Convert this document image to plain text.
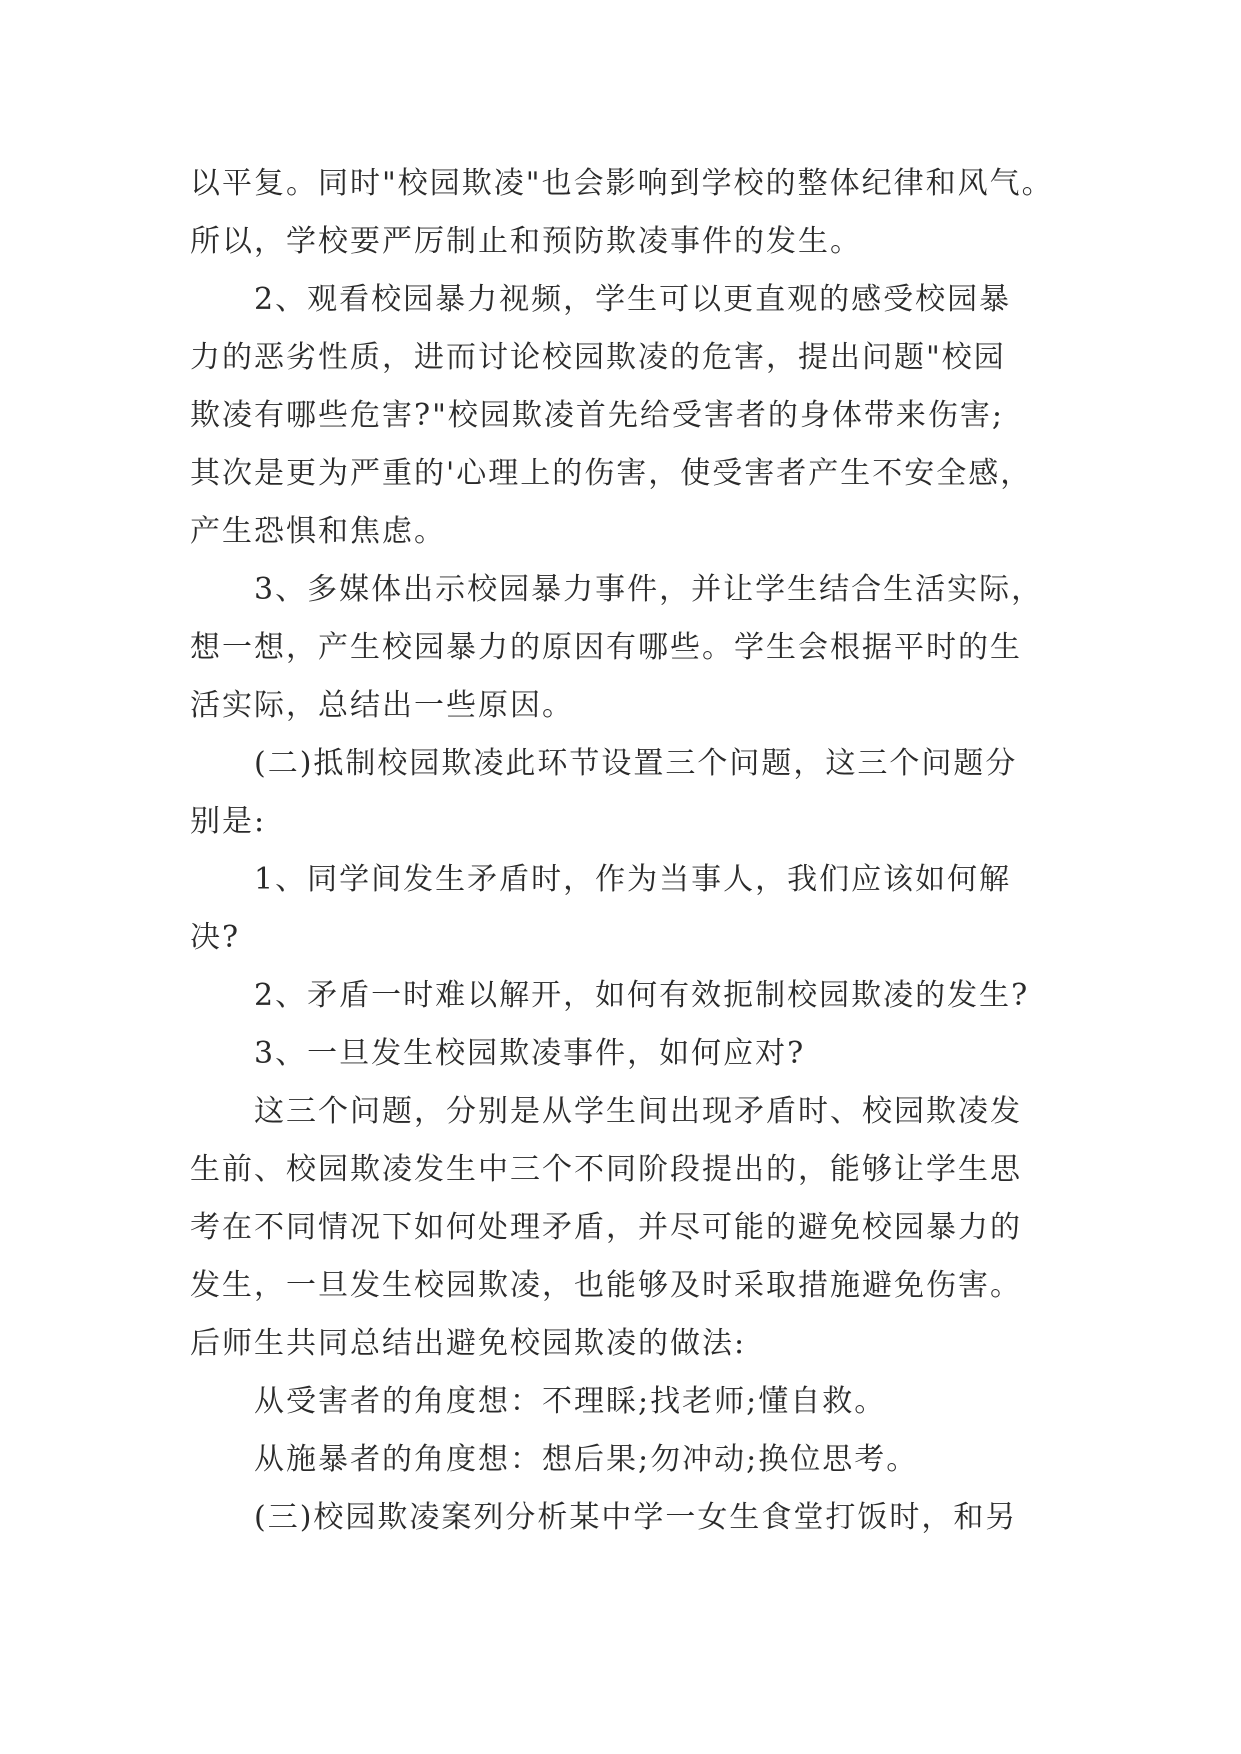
以平复。同时"校园欺凌"也会影响到学校的整体纪律和风气。
所以，学校要严厉制止和预防欺凌事件的发生。
2、观看校园暴力视频，学生可以更直观的感受校园暴
力的恶劣性质，进而讨论校园欺凌的危害，提出问题"校园
欺凌有哪些危害?"校园欺凌首先给受害者的身体带来伤害;
其次是更为严重的'心理上的伤害，使受害者产生不安全感，
产生恐惧和焦虑。
3、多媒体出示校园暴力事件，并让学生结合生活实际，
想一想，产生校园暴力的原因有哪些。学生会根据平时的生
活实际，总结出一些原因。
(二)抵制校园欺凌此环节设置三个问题，这三个问题分
别是:
1、同学间发生矛盾时，作为当事人，我们应该如何解
决?
2、矛盾一时难以解开，如何有效扼制校园欺凌的发生?
3、一旦发生校园欺凌事件，如何应对?
这三个问题，分别是从学生间出现矛盾时、校园欺凌发
生前、校园欺凌发生中三个不同阶段提出的，能够让学生思
考在不同情况下如何处理矛盾，并尽可能的避免校园暴力的
发生，一旦发生校园欺凌，也能够及时采取措施避免伤害。
后师生共同总结出避免校园欺凌的做法:
从受害者的角度想：不理睬;找老师;懂自救。
从施暴者的角度想：想后果;勿冲动;换位思考。
(三)校园欺凌案列分析某中学一女生食堂打饭时，和另
